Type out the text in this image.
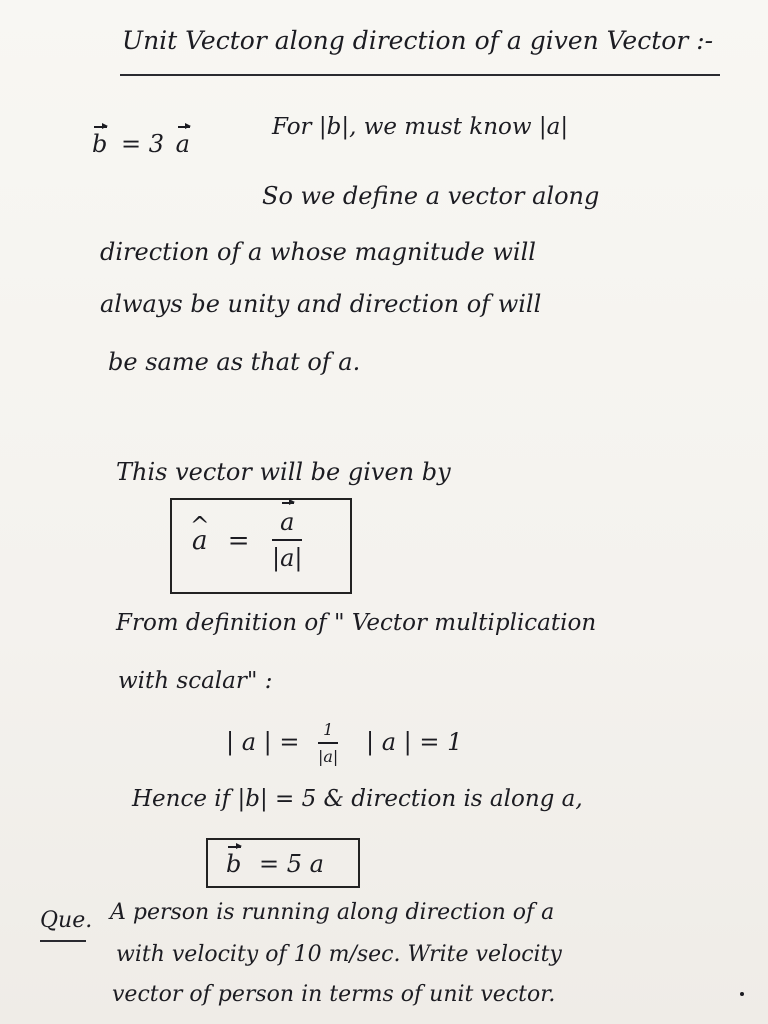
Unit Vector along direction of a given Vector :-
b = 3 a
For |b|, we must know |a|
So we define a vector along
direction of a whose magnitude will
always be unity and direction of will
be same as that of a.
This vector will be given by
^ a =
a
|a|
From definition of " Vector multiplication
with scalar" :
| a | = 1
|a|
| a | = 1
Hence if |b| = 5 & direction is along a,
b = 5 a
Que. A person is running along direction of a
with velocity of 10 m/sec. Write velocity
vector of person in terms of unit vector.
